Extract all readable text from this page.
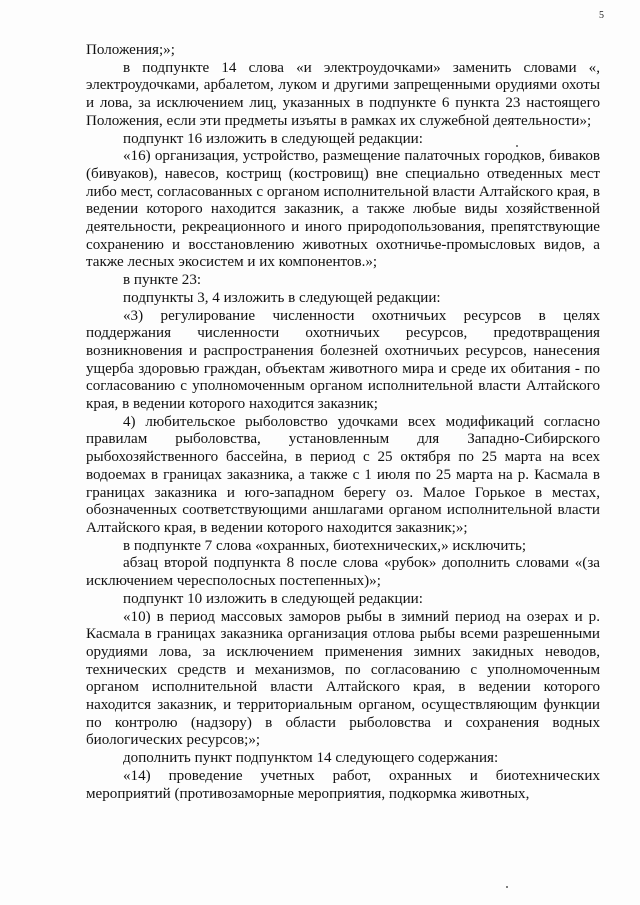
5

Положения;»;

в подпункте 14 слова «и электроудочками» заменить словами «, электроудочками, арбалетом, луком и другими запрещенными орудиями охоты и лова, за исключением лиц, указанных в подпункте 6 пункта 23 настоящего Положения, если эти предметы изъяты в рамках их служебной деятельности»;

подпункт 16 изложить в следующей редакции:

«16) организация, устройство, размещение палаточных городков, бивaков (бивуаков), навесов, кострищ (костровищ) вне специально отведенных мест либо мест, согласованных с органом исполнительной власти Алтайского края, в ведении которого находится заказник, а также любые виды хозяйственной деятельности, рекреационного и иного природопользования, препятствующие сохранению и восстановлению животных охотничье-промысловых видов, а также лесных экосистем и их компонентов.»;

в пункте 23:

подпункты 3, 4 изложить в следующей редакции:

«3) регулирование численности охотничьих ресурсов в целях поддержания численности охотничьих ресурсов, предотвращения возникновения и распространения болезней охотничьих ресурсов, нанесения ущерба здоровью граждан, объектам животного мира и среде их обитания - по согласованию с уполномоченным органом исполнительной власти Алтайского края, в ведении которого находится заказник;

4) любительское рыболовство удочками всех модификаций согласно правилам рыболовства, установленным для Западно-Сибирского рыбохозяйственного бассейна, в период с 25 октября по 25 марта на всех водоемах в границах заказника, а также с 1 июля по 25 марта на р. Касмала в границах заказника и юго-западном берегу оз. Малое Горькое в местах, обозначенных соответствующими аншлагами органом исполнительной власти Алтайского края, в ведении которого находится заказник;»;

в подпункте 7 слова «охранных, биотехнических,» исключить;

абзац второй подпункта 8 после слова «рубок» дополнить словами «(за исключением чересполосных постепенных)»;

подпункт 10 изложить в следующей редакции:

«10) в период массовых заморов рыбы в зимний период на озерах и р. Касмала в границах заказника организация отлова рыбы всеми разрешенными орудиями лова, за исключением применения зимних закидных неводов, технических средств и механизмов, по согласованию с уполномоченным органом исполнительной власти Алтайского края, в ведении которого находится заказник, и территориальным органом, осуществляющим функции по контролю (надзору) в области рыболовства и сохранения водных биологических ресурсов;»;

дополнить пункт подпунктом 14 следующего содержания:

«14) проведение учетных работ, охранных и биотехнических мероприятий (противозаморные мероприятия, подкормка животных,
